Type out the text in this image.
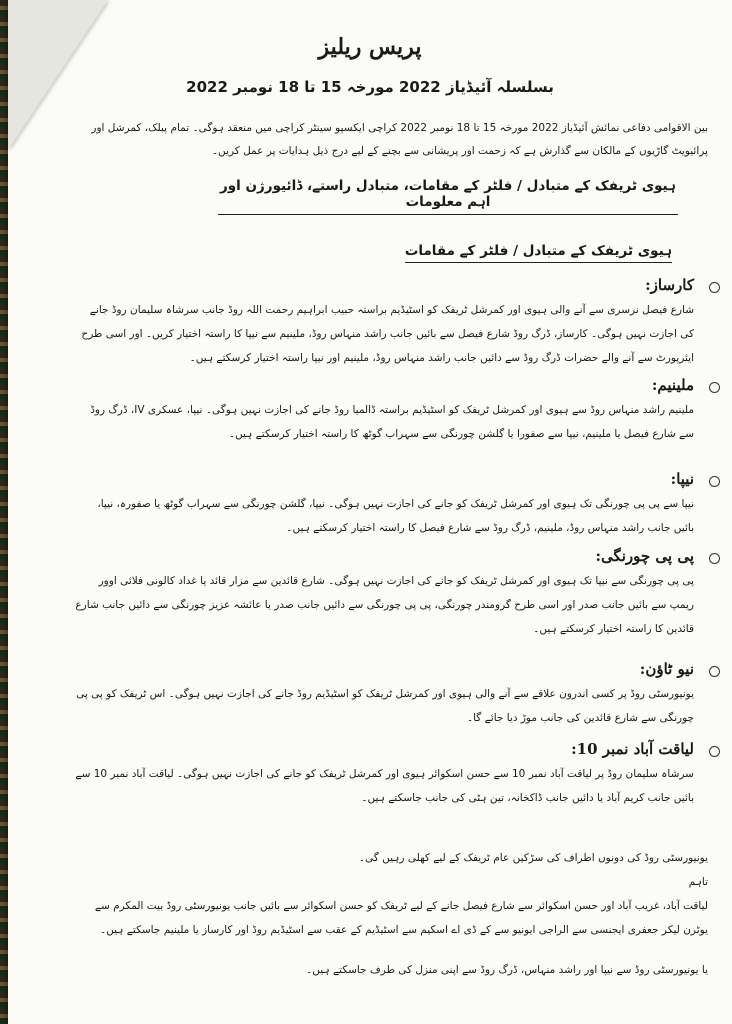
پریس ریلیز
بسلسلہ آئیڈیاز 2022 مورخہ 15 تا 18 نومبر 2022
بین الاقوامی دفاعی نمائش آئیڈیاز 2022 مورخہ 15 تا 18 نومبر 2022 کراچی ایکسپو سینٹر کراچی میں منعقد ہوگی۔ تمام پبلک، کمرشل اور پرائیویٹ گاڑیوں کے مالکان سے گذارش ہے کہ زحمت اور پریشانی سے بچنے کے لیے درج ذیل ہدایات پر عمل کریں۔
ہیوی ٹریفک کے متبادل / فلٹر کے مقامات، متبادل راستے، ڈائیورژن اور اہم معلومات
ہیوی ٹریفک کے متبادل / فلٹر کے مقامات
کارساز:
شارع فیصل نرسری سے آنے والی ہیوی اور کمرشل ٹریفک کو اسٹیڈیم براستہ حبیب ابراہیم رحمت اللہ روڈ جانب سرشاہ سلیمان روڈ جانے کی اجازت نہیں ہوگی۔ کارساز، ڈرگ روڈ شارع فیصل سے بائیں جانب راشد منہاس روڈ، ملینیم سے نیپا کا راستہ اختیار کریں۔ اور اسی طرح ایئرپورٹ سے آنے والے حضرات ڈرگ روڈ سے دائیں جانب راشد منہاس روڈ، ملینیم اور نیپا راستہ اختیار کرسکتے ہیں۔
ملینیم:
ملینیم راشد منہاس روڈ سے ہیوی اور کمرشل ٹریفک کو اسٹیڈیم براستہ ڈالمیا روڈ جانے کی اجازت نہیں ہوگی۔ نیپا، عسکری IV، ڈرگ روڈ سے شارع فیصل یا ملینیم، نیپا سے صفورا یا گلشن چورنگی سے سہراب گوٹھ کا راستہ اختیار کرسکتے ہیں۔
نیپا:
نیپا سے پی پی چورنگی تک ہیوی اور کمرشل ٹریفک کو جانے کی اجازت نہیں ہوگی۔ نیپا، گلشن چورنگی سے سہراب گوٹھ یا صفورہ، نیپا، بائیں جانب راشد منہاس روڈ، ملینیم، ڈرگ روڈ سے شارع فیصل کا راستہ اختیار کرسکتے ہیں۔
پی پی چورنگی:
پی پی چورنگی سے نیپا تک ہیوی اور کمرشل ٹریفک کو جانے کی اجازت نہیں ہوگی۔ شارع قائدین سے مزار قائد یا غداد کالونی فلائی اوور ریمپ سے بائیں جانب صدر اور اسی طرح گرومندر چورنگی، پی پی چورنگی سے دائیں جانب صدر یا عائشہ عزیز چورنگی سے دائیں جانب شارع قائدین کا راستہ اختیار کرسکتے ہیں۔
نیو ٹاؤن:
یونیورسٹی روڈ پر کسی اندرون علاقے سے آنے والی ہیوی اور کمرشل ٹریفک کو اسٹیڈیم روڈ جانے کی اجازت نہیں ہوگی۔ اس ٹریفک کو پی پی چورنگی سے شارع قائدین کی جانب موڑ دیا جائے گا۔
لیاقت آباد نمبر 10:
سرشاہ سلیمان روڈ پر لیاقت آباد نمبر 10 سے حسن اسکوائر ہیوی اور کمرشل ٹریفک کو جانے کی اجازت نہیں ہوگی۔ لیاقت آباد نمبر 10 سے بائیں جانب کریم آباد یا دائیں جانب ڈاکخانہ، تین ہٹی کی جانب جاسکتے ہیں۔
یونیورسٹی روڈ کی دونوں اطراف کی سڑکیں عام ٹریفک کے لیے کھلی رہیں گی۔
تاہم
لیاقت آباد، غریب آباد اور حسن اسکوائر سے شارع فیصل جانے کے لیے ٹریفک کو حسن اسکوائر سے بائیں جانب یونیورسٹی روڈ بیت المکرم سے یوٹرن لیکر جعفری ایجنسی سے الراجی ایونیو سے کے ڈی اے اسکیم سے اسٹیڈیم کے عقب سے اسٹیڈیم روڈ اور کارساز یا ملینیم جاسکتے ہیں۔
یا یونیورسٹی روڈ سے نیپا اور راشد منہاس، ڈرگ روڈ سے اپنی منزل کی طرف جاسکتے ہیں۔
